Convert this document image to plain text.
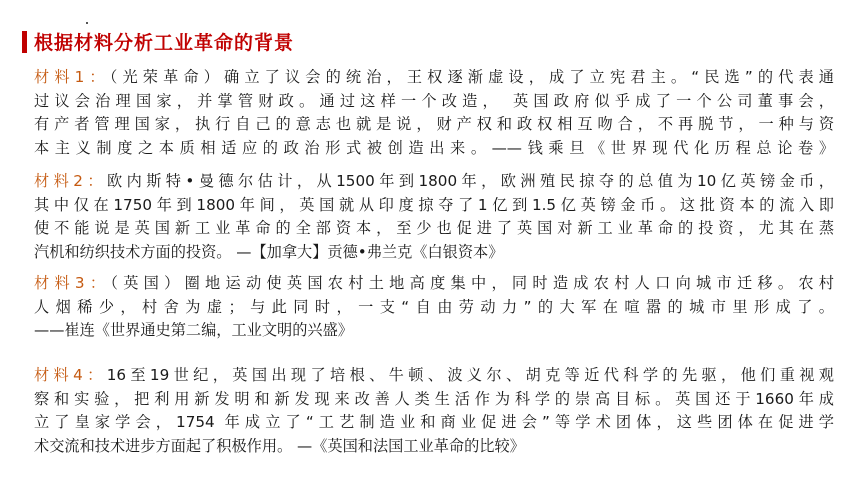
根据材料分析工业革命的背景
材料1：（光荣革命）确立了议会的统治，王权逐渐虚设，成了立宪君主。“民选”的代表通
过议会治理国家，并掌管财政。通过这样一个改造， 英国政府似乎成了一个公司董事会，
有产者管理国家，执行自己的意志也就是说，财产权和政权相互吻合，不再脱节，一种与资
本主义制度之本质相适应的政治形式被创造出来。——钱乘旦《世界现代化历程总论卷》
材料2：欧内斯特•曼德尔估计，从1500年到1800年，欧洲殖民掠夺的总值为10亿英镑金币，
其中仅在1750年到1800年间，英国就从印度掠夺了1亿到1.5亿英镑金币。这批资本的流入即
使不能说是英国新工业革命的全部资本，至少也促进了英国对新工业革命的投资，尤其在蒸
汽机和纺织技术方面的投资。 —【加拿大】贡德•弗兰克《白银资本》
材料3：（英国）圈地运动使英国农村土地高度集中，同时造成农村人口向城市迁移。农村
人烟稀少，村舍为虚；与此同时，一支“自由劳动力”的大军在喧嚣的城市里形成了。
——崔连《世界通史第二编，工业文明的兴盛》
材料4：16至19世纪，英国出现了培根、牛顿、波义尔、胡克等近代科学的先驱，他们重视观
察和实验，把利用新发明和新发现来改善人类生活作为科学的崇高目标。英国还于1660年成
立了皇家学会，1754 年成立了“工艺制造业和商业促进会”等学术团体，这些团体在促进学
术交流和技术进步方面起了积极作用。 —《英国和法国工业革命的比较》
